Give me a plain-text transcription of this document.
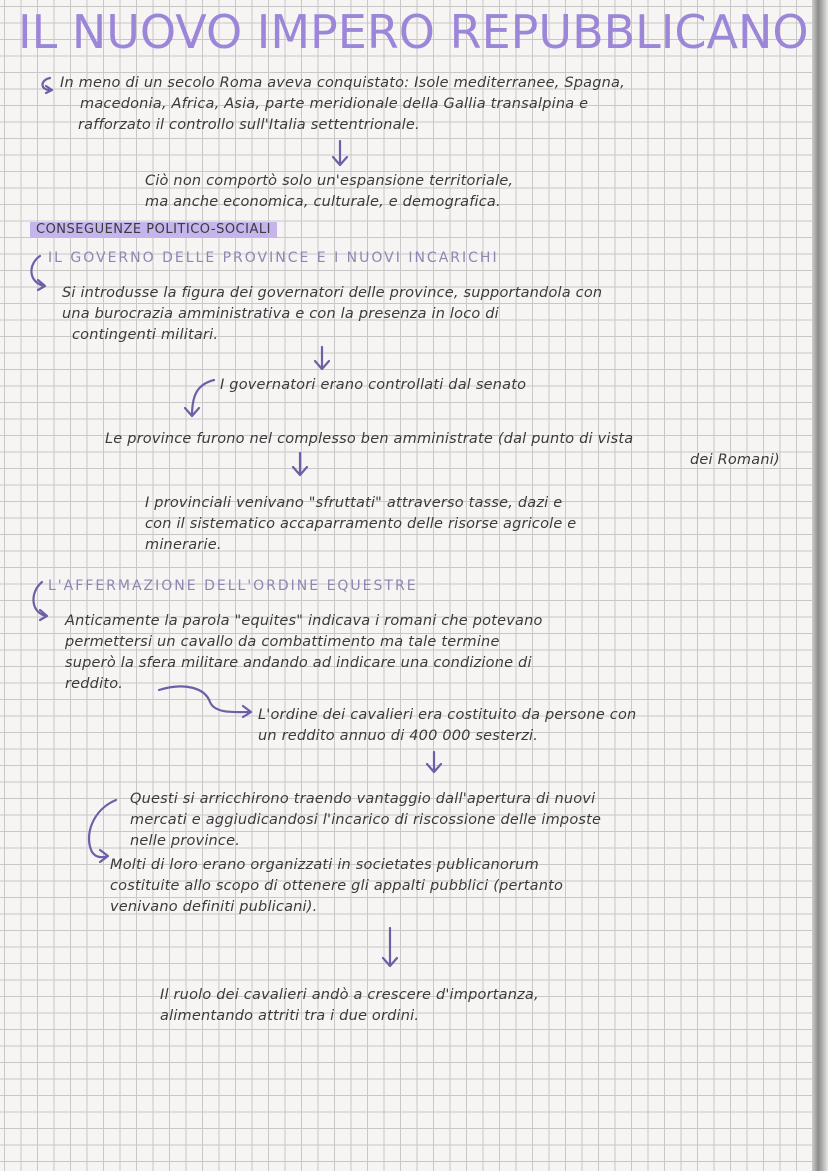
IL NUOVO IMPERO REPUBBLICANO
In meno di un secolo Roma aveva conquistato: Isole mediterranee, Spagna,
macedonia, Africa, Asia, parte meridionale della Gallia transalpina e
rafforzato il controllo sull'Italia settentrionale.
Ciò non comportò solo un'espansione territoriale,
ma anche economica, culturale, e demografica.
CONSEGUENZE POLITICO-SOCIALI
IL GOVERNO DELLE PROVINCE E I NUOVI INCARICHI
Si introdusse la figura dei governatori delle province, supportandola con
una burocrazia amministrativa e con la presenza in loco di
contingenti militari.
I governatori erano controllati dal senato
Le province furono nel complesso ben amministrate (dal punto di vista
dei Romani)
I provinciali venivano "sfruttati" attraverso tasse, dazi e
con il sistematico accaparramento delle risorse agricole e
minerarie.
L'AFFERMAZIONE DELL'ORDINE EQUESTRE
Anticamente la parola "equites" indicava i romani che potevano
permettersi un cavallo da combattimento ma tale termine
superò la sfera militare andando ad indicare una condizione di
reddito.
L'ordine dei cavalieri era costituito da persone con
un reddito annuo di 400 000 sesterzi.
Questi si arricchirono traendo vantaggio dall'apertura di nuovi
mercati e aggiudicandosi l'incarico di riscossione delle imposte
nelle province.
Molti di loro erano organizzati in societates publicanorum
costituite allo scopo di ottenere gli appalti pubblici (pertanto
venivano definiti publicani).
Il ruolo dei cavalieri andò a crescere d'importanza,
alimentando attriti tra i due ordini.
